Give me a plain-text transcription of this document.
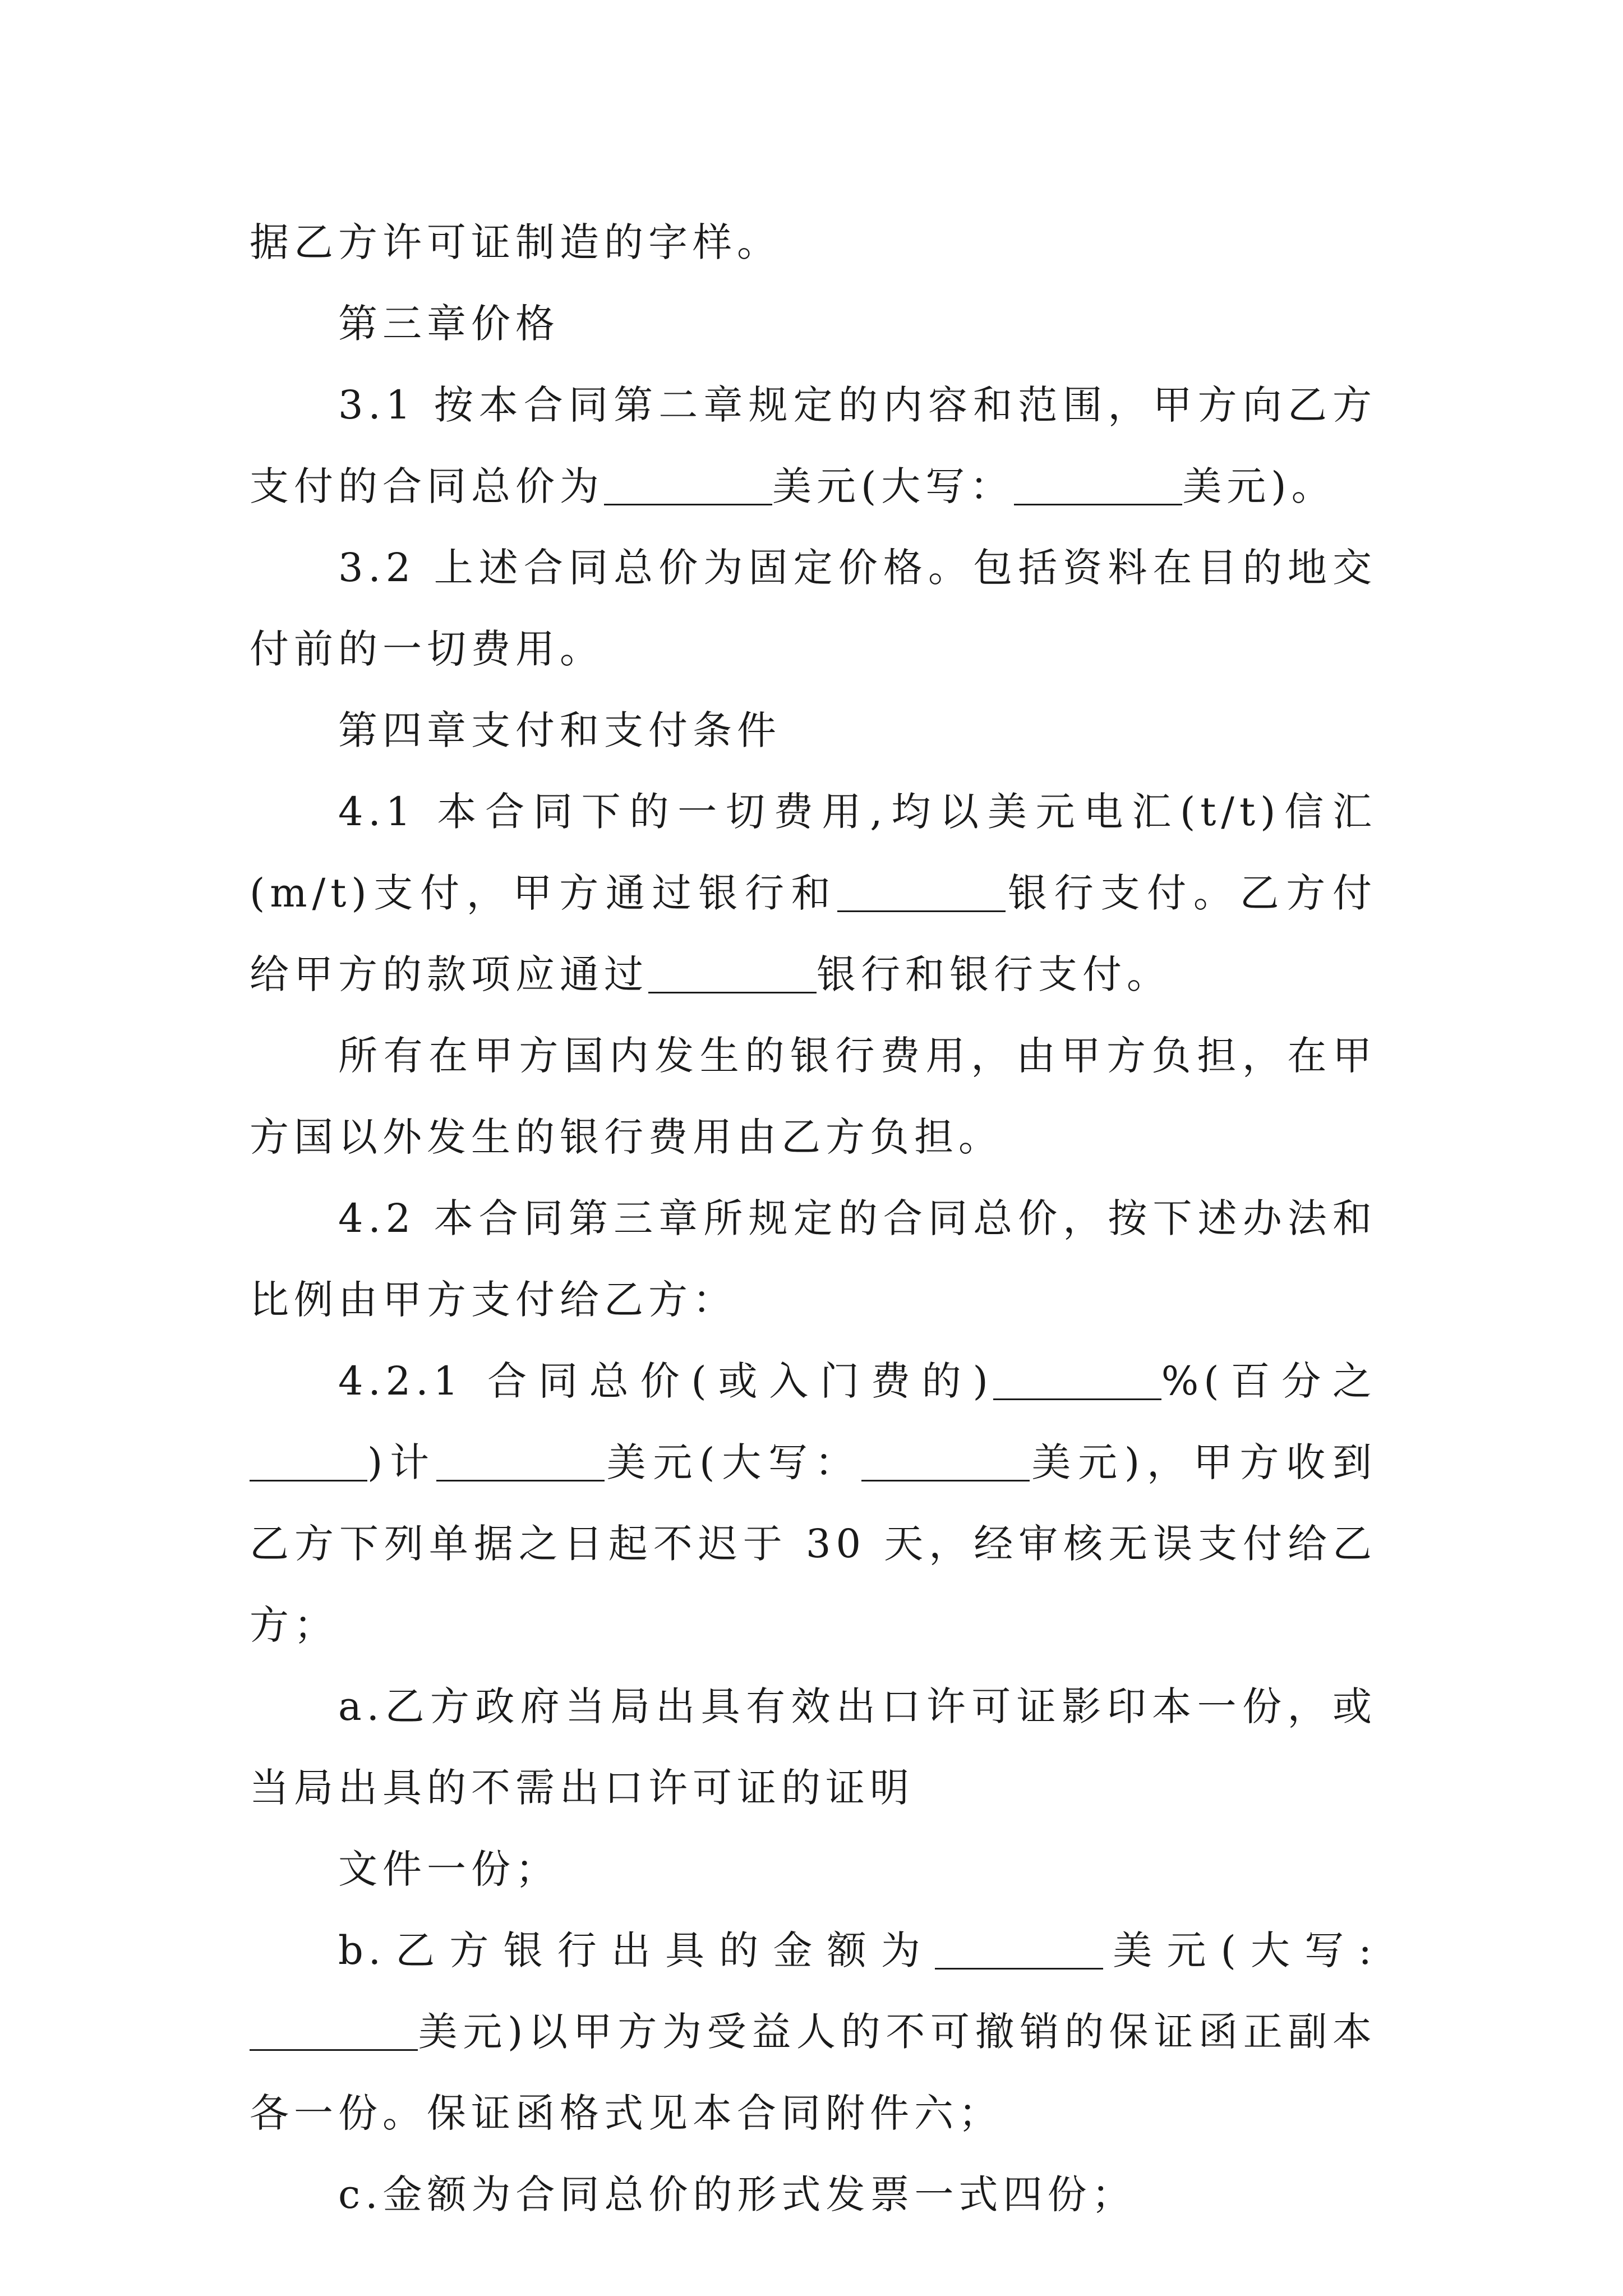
据乙方许可证制造的字样。

第三章价格

3.1 按本合同第二章规定的内容和范围，甲方向乙方支付的合同总价为	美元(大写：	美元)。

3.2 上述合同总价为固定价格。包括资料在目的地交付前的一切费用。

第四章支付和支付条件

4.1 本合同下的一切费用,均以美元电汇(t/t)信汇(m/t)支付，甲方通过银行和	银行支付。乙方付给甲方的款项应通过	银行和银行支付。

所有在甲方国内发生的银行费用，由甲方负担，在甲方国以外发生的银行费用由乙方负担。

4.2 本合同第三章所规定的合同总价，按下述办法和比例由甲方支付给乙方：

4.2.1 合同总价(或入门费的)	%(百分之)计	美元(大写：	美元)，甲方收到乙方下列单据之日起不迟于 30 天，经审核无误支付给乙方；

a.乙方政府当局出具有效出口许可证影印本一份，或当局出具的不需出口许可证的证明

文件一份；

b.乙方银行出具的金额为	美元(大写:美元)以甲方为受益人的不可撤销的保证函正副本各一份。保证函格式见本合同附件六；

c.金额为合同总价的形式发票一式四份；
